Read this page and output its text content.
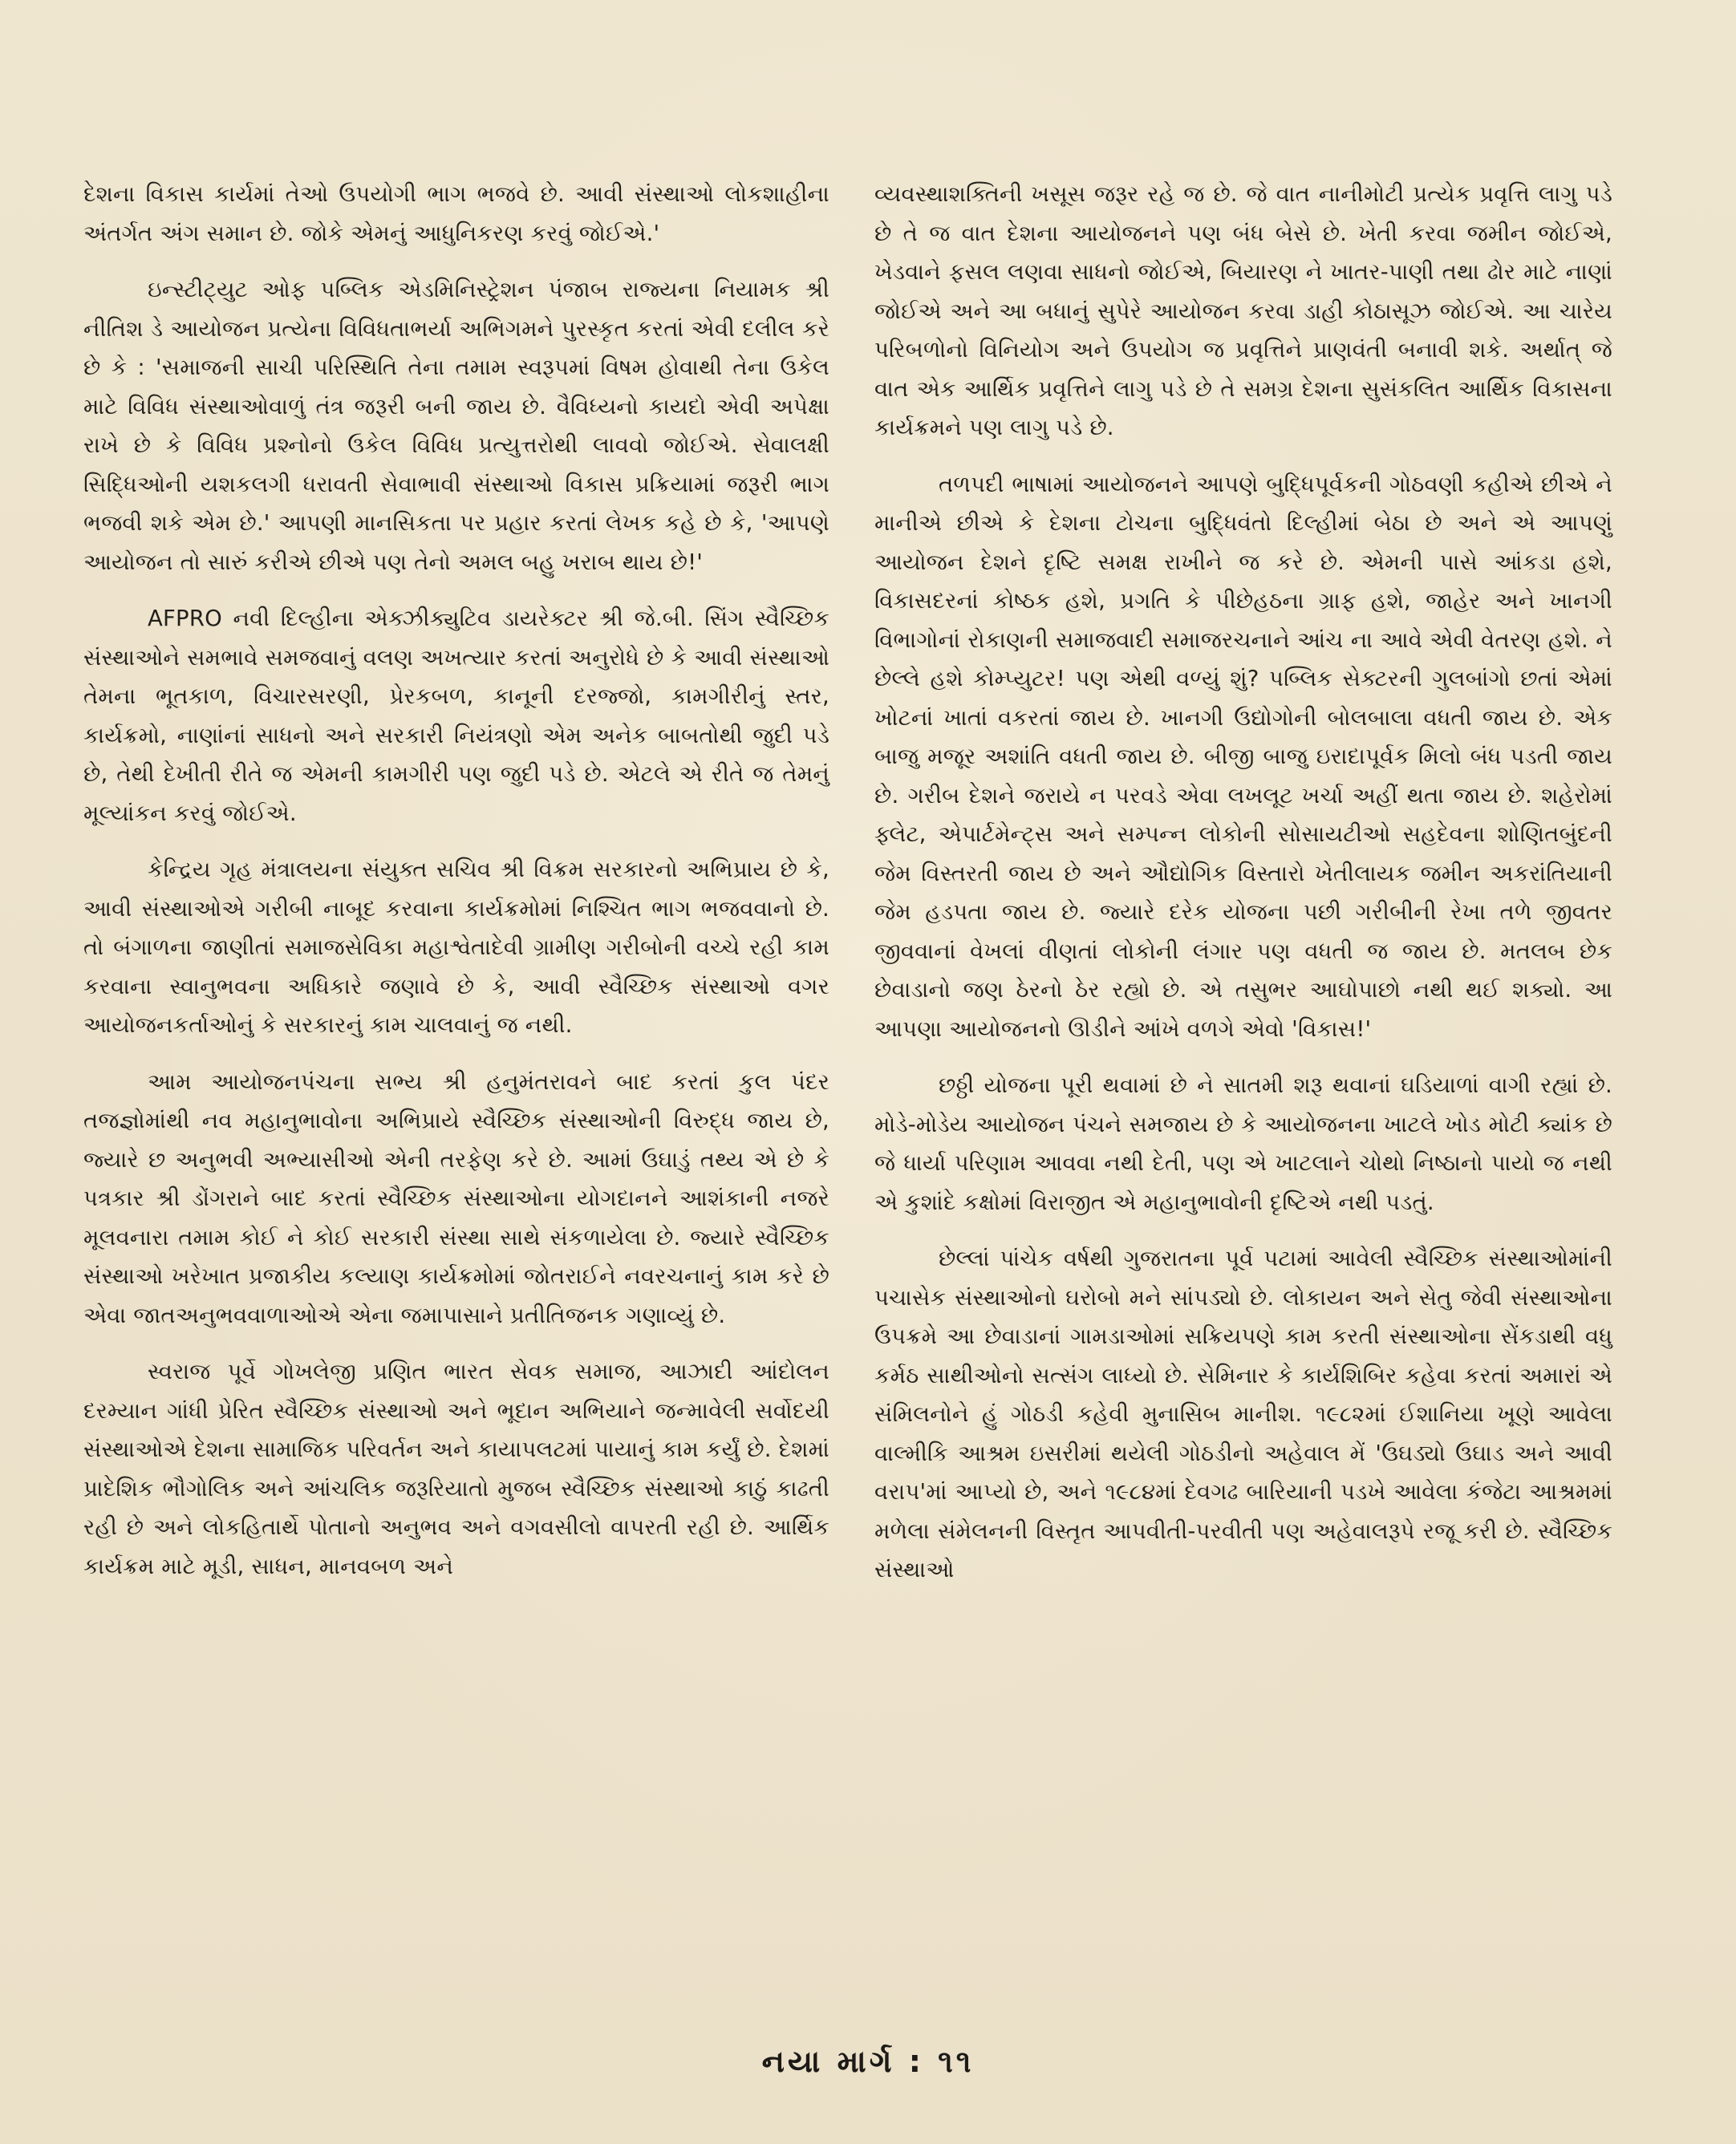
દેશના વિકાસ કાર્યમાં તેઓ ઉપયોગી ભાગ ભજવે છે. આવી સંસ્થાઓ લોકશાહીના અંતર્ગત અંગ સમાન છે. જોકે એમનું આધુનિકરણ કરવું જોઈએ.'

ઇન્સ્ટીટ્યુટ ઓફ પબ્લિક એડમિનિસ્ટ્રેશન પંજાબ રાજ્યના નિયામક શ્રી નીતિશ ડે આયોજન પ્રત્યેના વિવિધતાભર્યા અભિગમને પુરસ્કૃત કરતાં એવી દલીલ કરે છે કે : 'સમાજની સાચી પરિસ્થિતિ તેના તમામ સ્વરૂપમાં વિષમ હોવાથી તેના ઉકેલ માટે વિવિધ સંસ્થાઓવાળું તંત્ર જરૂરી બની જાય છે. વૈવિધ્યનો કાયદો એવી અપેક્ષા રાખે છે કે વિવિધ પ્રશ્નોનો ઉકેલ વિવિધ પ્રત્યુત્તરોથી લાવવો જોઈએ. સેવાલક્ષી સિદ્ધિઓની યશકલગી ધરાવતી સેવાભાવી સંસ્થાઓ વિકાસ પ્રક્રિયામાં જરૂરી ભાગ ભજવી શકે એમ છે.' આપણી માનસિકતા પર પ્રહાર કરતાં લેખક કહે છે કે, 'આપણે આયોજન તો સારું કરીએ છીએ પણ તેનો અમલ બહુ ખરાબ થાય છે!'

AFPRO નવી દિલ્હીના એક્ઝીક્યુટિવ ડાયરેક્ટર શ્રી જે.બી. સિંગ સ્વૈચ્છિક સંસ્થાઓને સમભાવે સમજવાનું વલણ અખત્યાર કરતાં અનુરોધે છે કે આવી સંસ્થાઓ તેમના ભૂતકાળ, વિચારસરણી, પ્રેરકબળ, કાનૂની દરજ્જો, કામગીરીનું સ્તર, કાર્યક્રમો, નાણાંનાં સાધનો અને સરકારી નિયંત્રણો એમ અનેક બાબતોથી જુદી પડે છે, તેથી દેખીતી રીતે જ એમની કામગીરી પણ જુદી પડે છે. એટલે એ રીતે જ તેમનું મૂલ્યાંકન કરવું જોઈએ.

કેન્દ્રિય ગૃહ મંત્રાલયના સંયુક્ત સચિવ શ્રી વિક્રમ સરકારનો અભિપ્રાય છે કે, આવી સંસ્થાઓએ ગરીબી નાબૂદ કરવાના કાર્યક્રમોમાં નિશ્ચિત ભાગ ભજવવાનો છે. તો બંગાળના જાણીતાં સમાજસેવિકા મહાશ્વેતાદેવી ગ્રામીણ ગરીબોની વચ્ચે રહી કામ કરવાના સ્વાનુભવના અધિકારે જણાવે છે કે, આવી સ્વૈચ્છિક સંસ્થાઓ વગર આયોજનકર્તાઓનું કે સરકારનું કામ ચાલવાનું જ નથી.

આમ આયોજનપંચના સભ્ય શ્રી હનુમંતરાવને બાદ કરતાં કુલ પંદર તજજ્ઞોમાંથી નવ મહાનુભાવોના અભિપ્રાયે સ્વૈચ્છિક સંસ્થાઓની વિરુદ્ધ જાય છે, જ્યારે છ અનુભવી અભ્યાસીઓ એની તરફેણ કરે છે. આમાં ઉઘાડું તથ્ય એ છે કે પત્રકાર શ્રી ડોંગરાને બાદ કરતાં સ્વૈચ્છિક સંસ્થાઓના યોગદાનને આશંકાની નજરે મૂલવનારા તમામ કોઈ ને કોઈ સરકારી સંસ્થા સાથે સંકળાયેલા છે. જ્યારે સ્વૈચ્છિક સંસ્થાઓ ખરેખાત પ્રજાકીય કલ્યાણ કાર્યક્રમોમાં જોતરાઈને નવરચનાનું કામ કરે છે એવા જાતઅનુભવવાળાઓએ એના જમાપાસાને પ્રતીતિજનક ગણાવ્યું છે.

સ્વરાજ પૂર્વે ગોખલેજી પ્રણિત ભારત સેવક સમાજ, આઝાદી આંદોલન દરમ્યાન ગાંધી પ્રેરિત સ્વૈચ્છિક સંસ્થાઓ અને ભૂદાન અભિયાને જન્માવેલી સર્વોદયી સંસ્થાઓએ દેશના સામાજિક પરિવર્તન અને કાયાપલટમાં પાયાનું કામ કર્યું છે. દેશમાં પ્રાદેશિક ભૌગોલિક અને આંચલિક જરૂરિયાતો મુજબ સ્વૈચ્છિક સંસ્થાઓ કાઠું કાઢતી રહી છે અને લોકહિતાર્થે પોતાનો અનુભવ અને વગવસીલો વાપરતી રહી છે. આર્થિક કાર્યક્રમ માટે મૂડી, સાધન, માનવબળ અને

વ્યવસ્થાશક્તિની ખસૂસ જરૂર રહે જ છે. જે વાત નાનીમોટી પ્રત્યેક પ્રવૃત્તિ લાગુ પડે છે તે જ વાત દેશના આયોજનને પણ બંધ બેસે છે. ખેતી કરવા જમીન જોઈએ, ખેડવાને ફસલ લણવા સાધનો જોઈએ, બિયારણ ને ખાતર-પાણી તથા ઢોર માટે નાણાં જોઈએ અને આ બધાનું સુપેરે આયોજન કરવા ડાહી કોઠાસૂઝ જોઈએ. આ ચારેય પરિબળોનો વિનિયોગ અને ઉપયોગ જ પ્રવૃત્તિને પ્રાણવંતી બનાવી શકે. અર્થાત્ જે વાત એક આર્થિક પ્રવૃત્તિને લાગુ પડે છે તે સમગ્ર દેશના સુસંકલિત આર્થિક વિકાસના કાર્યક્રમને પણ લાગુ પડે છે.

તળપદી ભાષામાં આયોજનને આપણે બુદ્ધિપૂર્વકની ગોઠવણી કહીએ છીએ ને માનીએ છીએ કે દેશના ટોચના બુદ્ધિવંતો દિલ્હીમાં બેઠા છે અને એ આપણું આયોજન દેશને દૃષ્ટિ સમક્ષ રાખીને જ કરે છે. એમની પાસે આંકડા હશે, વિકાસદરનાં કોષ્ઠક હશે, પ્રગતિ કે પીછેહઠના ગ્રાફ હશે, જાહેર અને ખાનગી વિભાગોનાં રોકાણની સમાજવાદી સમાજરચનાને આંચ ના આવે એવી વેતરણ હશે. ને છેલ્લે હશે કોમ્પ્યુટર! પણ એથી વળ્યું શું? પબ્લિક સેક્ટરની ગુલબાંગો છતાં એમાં ખોટનાં ખાતાં વકરતાં જાય છે. ખાનગી ઉદ્યોગોની બોલબાલા વધતી જાય છે. એક બાજુ મજૂર અશાંતિ વધતી જાય છે. બીજી બાજુ ઇરાદાપૂર્વક મિલો બંધ પડતી જાય છે. ગરીબ દેશને જરાયે ન પરવડે એવા લખલૂટ ખર્ચા અહીં થતા જાય છે. શહેરોમાં ફ્લેટ, એપાર્ટમેન્ટ્સ અને સમ્પન્ન લોકોની સોસાયટીઓ સહદેવના શોણિતબુંદની જેમ વિસ્તરતી જાય છે અને ઔદ્યોગિક વિસ્તારો ખેતીલાયક જમીન અકરાંતિયાની જેમ હડપતા જાય છે. જ્યારે દરેક યોજના પછી ગરીબીની રેખા તળે જીવતર જીવવાનાં વેખલાં વીણતાં લોકોની લંગાર પણ વધતી જ જાય છે. મતલબ છેક છેવાડાનો જણ ઠેરનો ઠેર રહ્યો છે. એ તસુભર આઘોપાછો નથી થઈ શક્યો. આ આપણા આયોજનનો ઊડીને આંખે વળગે એવો 'વિકાસ!'

છઠ્ઠી યોજના પૂરી થવામાં છે ને સાતમી શરૂ થવાનાં ઘડિયાળાં વાગી રહ્યાં છે. મોડે-મોડેય આયોજન પંચને સમજાય છે કે આયોજનના ખાટલે ખોડ મોટી ક્યાંક છે જે ધાર્યા પરિણામ આવવા નથી દેતી, પણ એ ખાટલાને ચોથો નિષ્ઠાનો પાયો જ નથી એ કુશાંદે કક્ષોમાં વિરાજીત એ મહાનુભાવોની દૃષ્ટિએ નથી પડતું.

છેલ્લાં પાંચેક વર્ષથી ગુજરાતના પૂર્વ પટામાં આવેલી સ્વૈચ્છિક સંસ્થાઓમાંની પચાસેક સંસ્થાઓનો ઘરોબો મને સાંપડ્યો છે. લોકાયન અને સેતુ જેવી સંસ્થાઓના ઉપક્રમે આ છેવાડાનાં ગામડાઓમાં સક્રિયપણે કામ કરતી સંસ્થાઓના સેંકડાથી વધુ કર્મઠ સાથીઓનો સત્સંગ લાધ્યો છે. સેમિનાર કે કાર્યશિબિર કહેવા કરતાં અમારાં એ સંમિલનોને હું ગોઠડી કહેવી મુનાસિબ માનીશ. ૧૯૮૨માં ઈશાનિયા ખૂણે આવેલા વાલ્મીકિ આશ્રમ ઇસરીમાં થયેલી ગોઠડીનો અહેવાલ મેં 'ઉઘડ્યો ઉઘાડ અને આવી વરાપ'માં આપ્યો છે, અને ૧૯૮૪માં દેવગઢ બારિયાની પડખે આવેલા કંજેટા આશ્રમમાં મળેલા સંમેલનની વિસ્તૃત આપવીતી-પરવીતી પણ અહેવાલરૂપે રજૂ કરી છે. સ્વૈચ્છિક સંસ્થાઓ

નયા માર્ગ : ૧૧
